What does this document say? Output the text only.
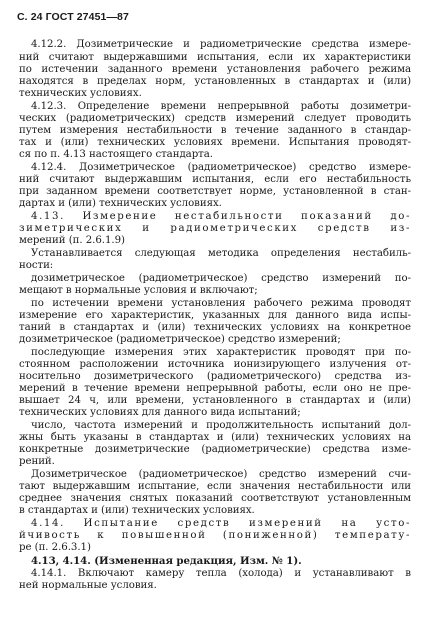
С. 24 ГОСТ 27451—87
4.12.2. Дозиметрические и радиометрические средства измере-
ний считают выдержавшими испытания, если их характеристики
по истечении заданного времени установления рабочего режима
находятся в пределах норм, установленных в стандартах и (или)
технических условиях.
4.12.3. Определение времени непрерывной работы дозиметри-
ческих (радиометрических) средств измерений следует проводить
путем измерения нестабильности в течение заданного в стандар-
тах и (или) технических условиях времени. Испытания проводят-
ся по п. 4.13 настоящего стандарта.
4.12.4. Дозиметрическое (радиометрическое) средство измере-
ний считают выдержавшим испытания, если его нестабильность
при заданном времени соответствует норме, установленной в стан-
дартах и (или) технических условиях.
4.13. Измерение нестабильности показаний до-
зиметрических и радиометрических средств из-
мерений (п. 2.6.1.9)
Устанавливается следующая методика определения нестабиль-
ности:
дозиметрическое (радиометрическое) средство измерений по-
мещают в нормальные условия и включают;
по истечении времени установления рабочего режима проводят
измерение его характеристик, указанных для данного вида испы-
таний в стандартах и (или) технических условиях на конкретное
дозиметрическое (радиометрическое) средство измерений;
последующие измерения этих характеристик проводят при по-
стоянном расположении источника ионизирующего излучения от-
носительно дозиметрического (радиометрического) средства из-
мерений в течение времени непрерывной работы, если оно не пре-
вышает 24 ч, или времени, установленного в стандартах и (или)
технических условиях для данного вида испытаний;
число, частота измерений и продолжительность испытаний дол-
жны быть указаны в стандартах и (или) технических условиях на
конкретные дозиметрические (радиометрические) средства изме-
рений.
Дозиметрическое (радиометрическое) средство измерений счи-
тают выдержавшим испытание, если значения нестабильности или
среднее значения снятых показаний соответствуют установленным
в стандартах и (или) технических условиях.
4.14. Испытание средств измерений на усто-
йчивость к повышенной (пониженной) температу-
ре (п. 2.6.3.1)
4.13, 4.14. (Измененная редакция, Изм. № 1).
4.14.1. Включают камеру тепла (холода) и устанавливают в
ней нормальные условия.
